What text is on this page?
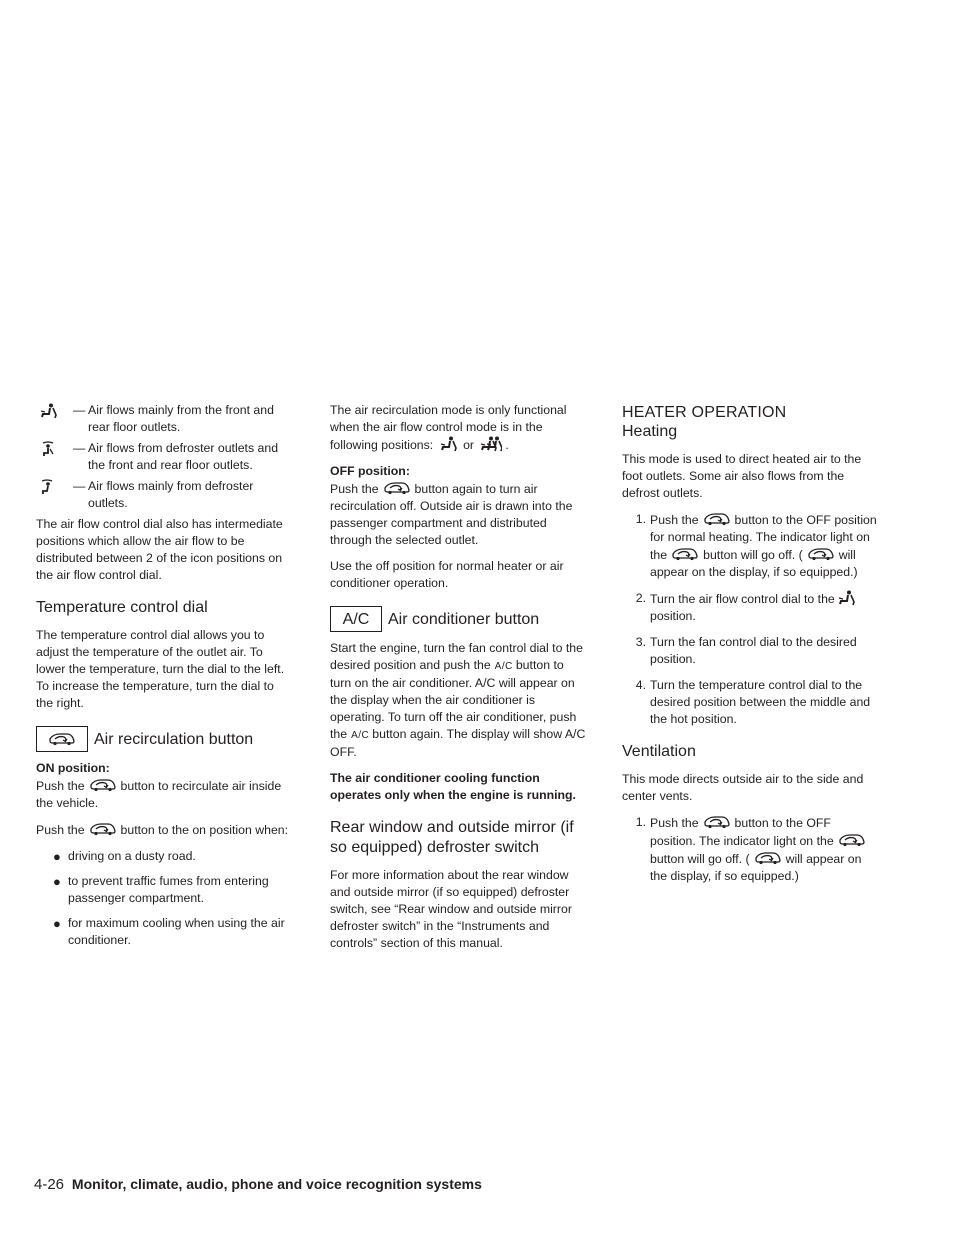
— Air flows mainly from the front and
rear floor outlets.
— Air flows from defroster outlets and
the front and rear floor outlets.
— Air flows mainly from defroster
outlets.

The air flow control dial also has intermediate positions which allow the air flow to be distributed between 2 of the icon positions on the air flow control dial.

Temperature control dial

The temperature control dial allows you to adjust the temperature of the outlet air. To lower the temperature, turn the dial to the left. To increase the temperature, turn the dial to the right.

Air recirculation button
ON position:

Push the	button to recirculate air inside the vehicle.

Push the	button to the on position when:

● driving on a dusty road.
● to prevent traffic fumes from entering passenger compartment.
● for maximum cooling when using the air conditioner.

The air recirculation mode is only functional when the air flow control mode is in the following positions: or	.

OFF position:

Push the	button again to turn air recirculation off. Outside air is drawn into the passenger compartment and distributed through the selected outlet.

Use the off position for normal heater or air conditioner operation.

A/C	Air conditioner button

Start the engine, turn the fan control dial to the desired position and push the A/C button to turn on the air conditioner. A/C will appear on the display when the air conditioner is operating. To turn off the air conditioner, push the A/C button again. The display will show A/C OFF.

The air conditioner cooling function operates only when the engine is running.

Rear window and outside mirror (if so equipped) defroster switch

For more information about the rear window and outside mirror (if so equipped) defroster switch, see “Rear window and outside mirror defroster switch” in the “Instruments and controls” section of this manual.

HEATER OPERATION
Heating

This mode is used to direct heated air to the foot outlets. Some air also flows from the defrost outlets.

1. Push the	button to the OFF position for normal heating. The indicator light on the	button will go off. (	will appear on the display, if so equipped.)
2. Turn the air flow control dial to the
position.
3. Turn the fan control dial to the desired position.
4. Turn the temperature control dial to the desired position between the middle and the hot position.
Ventilation

This mode directs outside air to the side and center vents.

1. Push the	button to the OFF position. The indicator light on the
button will go off. (	will appear on the display, if so equipped.)
4-26 Monitor, climate, audio, phone and voice recognition systems
